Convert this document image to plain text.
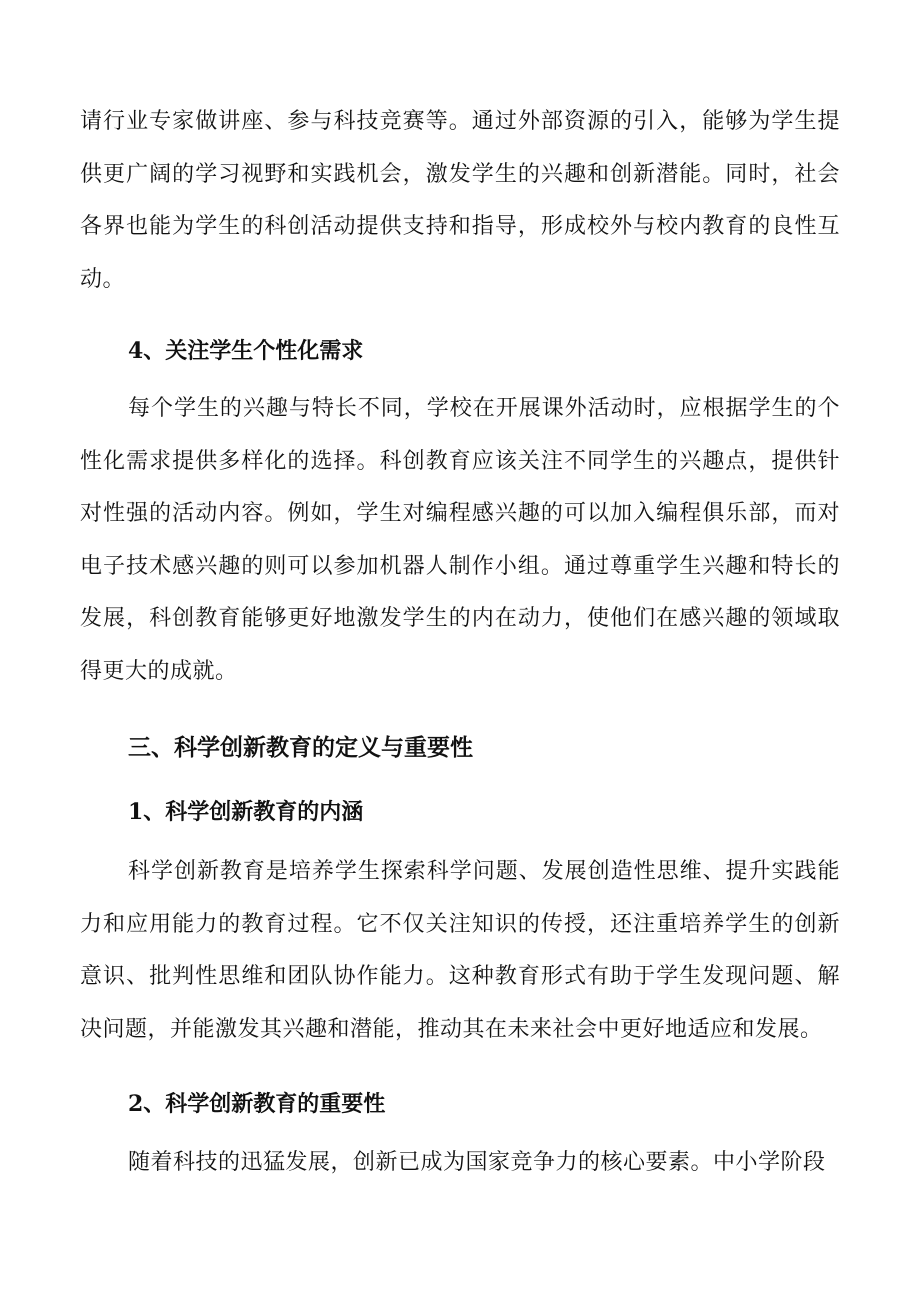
请行业专家做讲座、参与科技竞赛等。通过外部资源的引入，能够为学生提供更广阔的学习视野和实践机会，激发学生的兴趣和创新潜能。同时，社会各界也能为学生的科创活动提供支持和指导，形成校外与校内教育的良性互动。

4、关注学生个性化需求

每个学生的兴趣与特长不同，学校在开展课外活动时，应根据学生的个性化需求提供多样化的选择。科创教育应该关注不同学生的兴趣点，提供针对性强的活动内容。例如，学生对编程感兴趣的可以加入编程俱乐部，而对电子技术感兴趣的则可以参加机器人制作小组。通过尊重学生兴趣和特长的发展，科创教育能够更好地激发学生的内在动力，使他们在感兴趣的领域取得更大的成就。

三、科学创新教育的定义与重要性
1、科学创新教育的内涵

科学创新教育是培养学生探索科学问题、发展创造性思维、提升实践能力和应用能力的教育过程。它不仅关注知识的传授，还注重培养学生的创新意识、批判性思维和团队协作能力。这种教育形式有助于学生发现问题、解决问题，并能激发其兴趣和潜能，推动其在未来社会中更好地适应和发展。

2、科学创新教育的重要性

随着科技的迅猛发展，创新已成为国家竞争力的核心要素。中小学阶段
